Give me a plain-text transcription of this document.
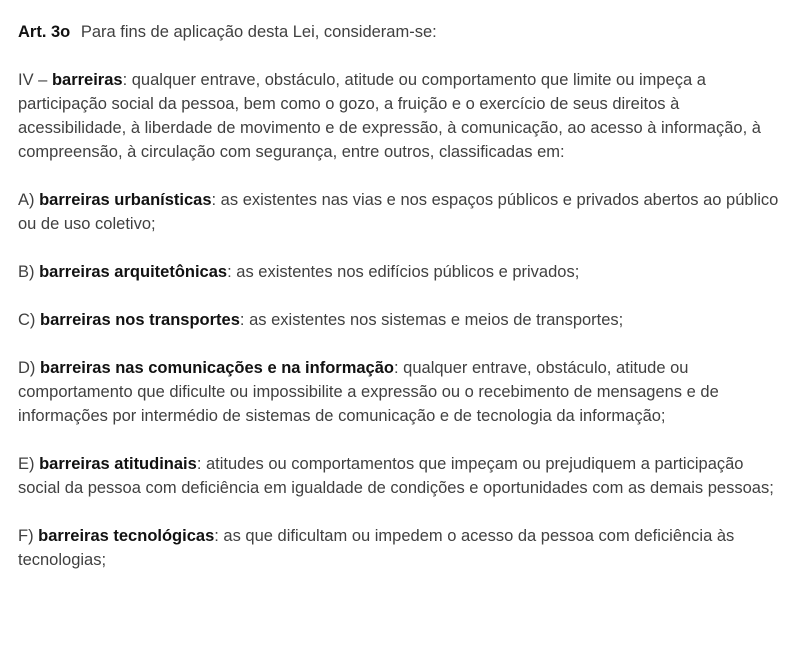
Art. 3o Para fins de aplicação desta Lei, consideram-se:

IV – barreiras: qualquer entrave, obstáculo, atitude ou comportamento que limite ou impeça a participação social da pessoa, bem como o gozo, a fruição e o exercício de seus direitos à acessibilidade, à liberdade de movimento e de expressão, à comunicação, ao acesso à informação, à compreensão, à circulação com segurança, entre outros, classificadas em:

A) barreiras urbanísticas: as existentes nas vias e nos espaços públicos e privados abertos ao público ou de uso coletivo;

B) barreiras arquitetônicas: as existentes nos edifícios públicos e privados;

C) barreiras nos transportes: as existentes nos sistemas e meios de transportes;

D) barreiras nas comunicações e na informação: qualquer entrave, obstáculo, atitude ou comportamento que dificulte ou impossibilite a expressão ou o recebimento de mensagens e de informações por intermédio de sistemas de comunicação e de tecnologia da informação;

E) barreiras atitudinais: atitudes ou comportamentos que impeçam ou prejudiquem a participação social da pessoa com deficiência em igualdade de condições e oportunidades com as demais pessoas;

F) barreiras tecnológicas: as que dificultam ou impedem o acesso da pessoa com deficiência às tecnologias;
